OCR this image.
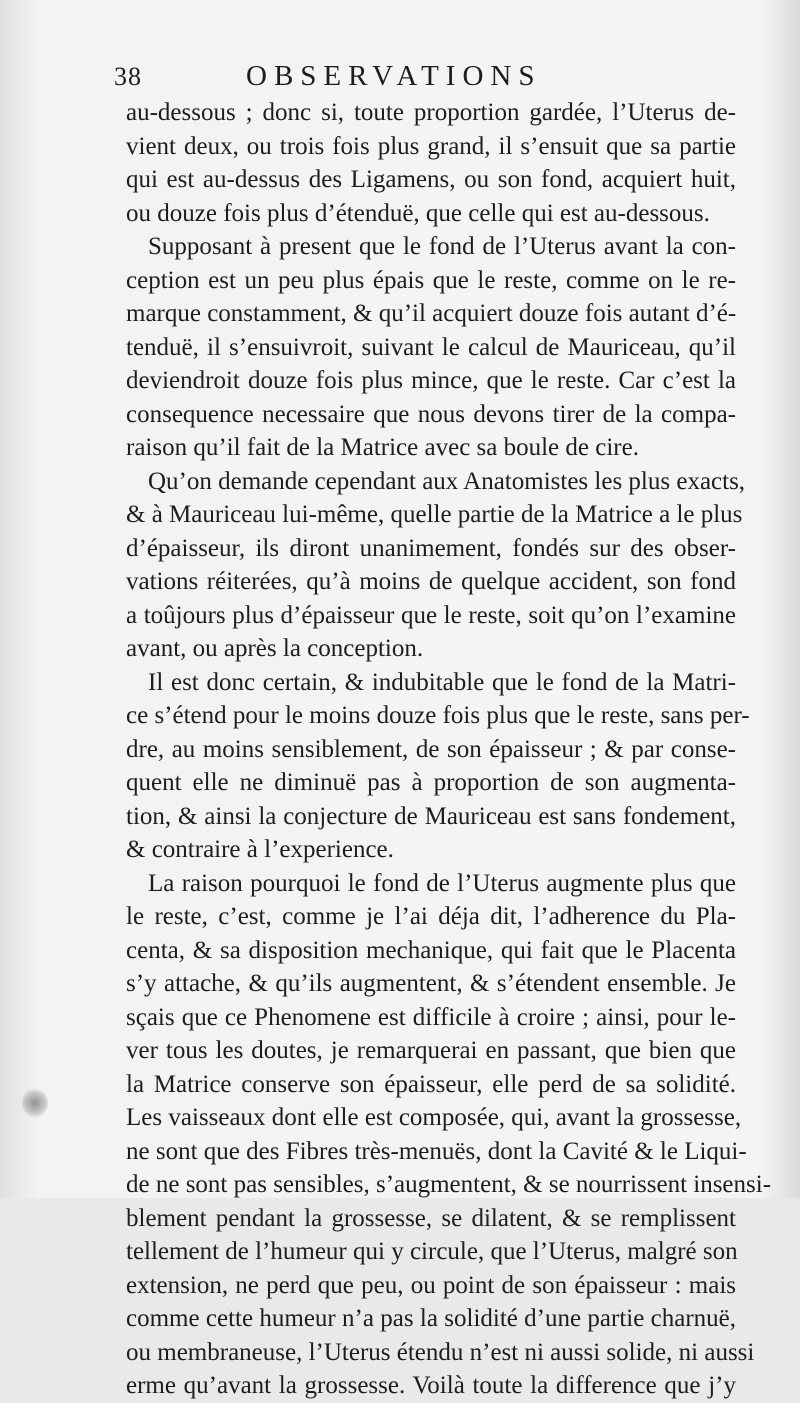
38	OBSERVATIONS
au-dessous ; donc si, toute proportion gardée, l’Uterus de-
vient deux, ou trois fois plus grand, il s’ensuit que sa partie
qui est au-dessus des Ligamens, ou son fond, acquiert huit,
ou douze fois plus d’étenduë, que celle qui est au-dessous.
Supposant à present que le fond de l’Uterus avant la con-
ception est un peu plus épais que le reste, comme on le re-
marque constamment, & qu’il acquiert douze fois autant d’é-
tenduë, il s’ensuivroit, suivant le calcul de Mauriceau, qu’il
deviendroit douze fois plus mince, que le reste. Car c’est la
consequence necessaire que nous devons tirer de la compa-
raison qu’il fait de la Matrice avec sa boule de cire.
Qu’on demande cependant aux Anatomistes les plus exacts,
& à Mauriceau lui-même, quelle partie de la Matrice a le plus
d’épaisseur, ils diront unanimement, fondés sur des obser-
vations réiterées, qu’à moins de quelque accident, son fond
a toûjours plus d’épaisseur que le reste, soit qu’on l’examine
avant, ou après la conception.
Il est donc certain, & indubitable que le fond de la Matri-
ce s’étend pour le moins douze fois plus que le reste, sans per-
dre, au moins sensiblement, de son épaisseur ; & par conse-
quent elle ne diminuë pas à proportion de son augmenta-
tion, & ainsi la conjecture de Mauriceau est sans fondement,
& contraire à l’experience.
La raison pourquoi le fond de l’Uterus augmente plus que
le reste, c’est, comme je l’ai déja dit, l’adherence du Pla-
centa, & sa disposition mechanique, qui fait que le Placenta
s’y attache, & qu’ils augmentent, & s’étendent ensemble. Je
sçais que ce Phenomene est difficile à croire ; ainsi, pour le-
ver tous les doutes, je remarquerai en passant, que bien que
la Matrice conserve son épaisseur, elle perd de sa solidité.
Les vaisseaux dont elle est composée, qui, avant la grossesse,
ne sont que des Fibres très-menuës, dont la Cavité & le Liqui-
de ne sont pas sensibles, s’augmentent, & se nourrissent insensi-
blement pendant la grossesse, se dilatent, & se remplissent
tellement de l’humeur qui y circule, que l’Uterus, malgré son
extension, ne perd que peu, ou point de son épaisseur : mais
comme cette humeur n’a pas la solidité d’une partie charnuë,
ou membraneuse, l’Uterus étendu n’est ni aussi solide, ni aussi
erme qu’avant la grossesse. Voilà toute la difference que j’y
